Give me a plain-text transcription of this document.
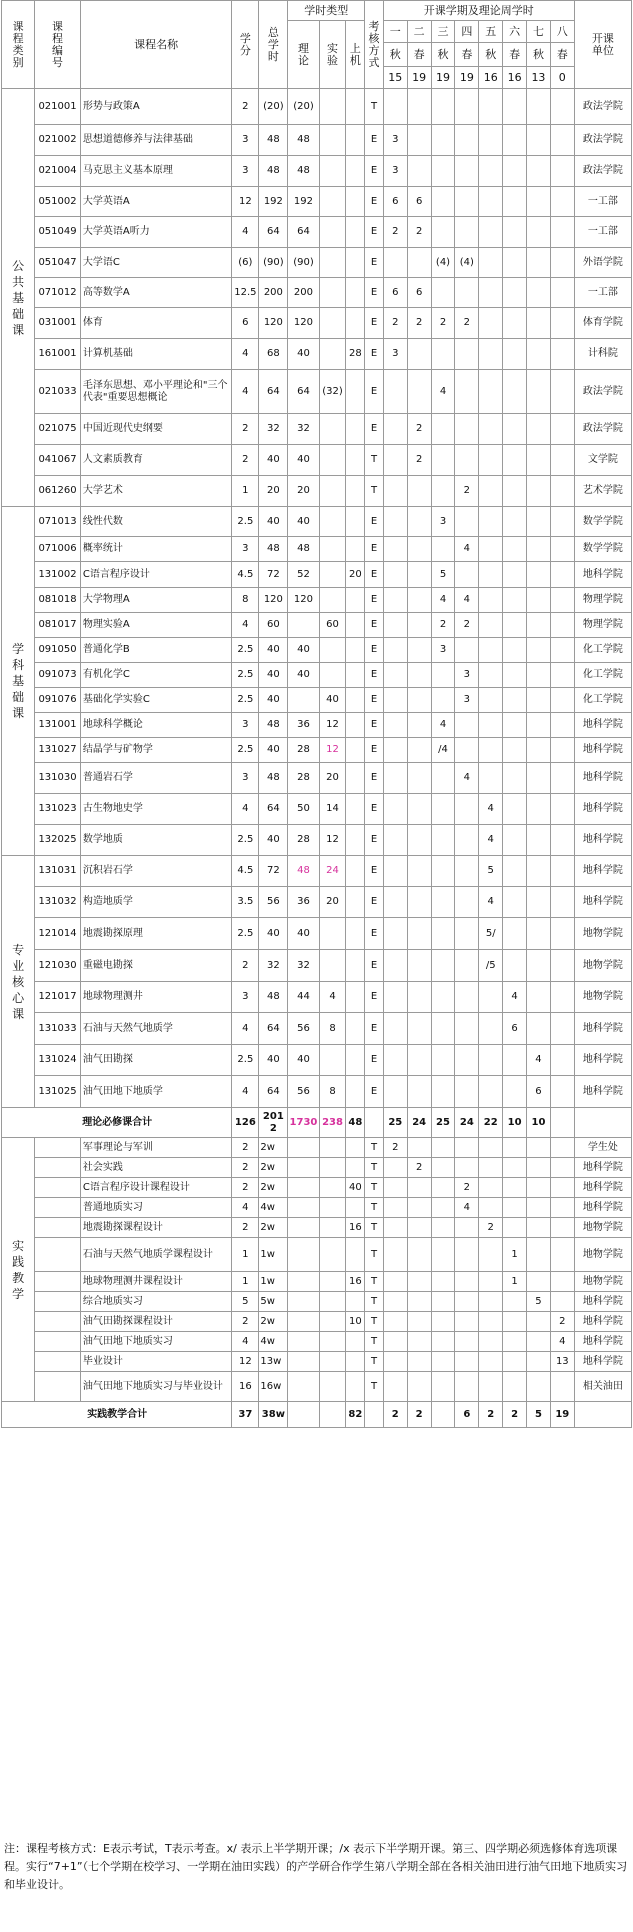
课程类别	课程编号	课程名称	学分	总学时	学时类型			考核方式	开课学期及理论周学时								开课单位
					理论	实验	上机		一	二	三	四	五	六	七	八	
									秋	春	秋	春	秋	春	秋	春	
									15	19	19	19	16	16	13	0	
公共基础课	021001	形势与政策A	2	(20)	(20)			T									政法学院
	021002	思想道德修养与法律基础	3	48	48			E	3								政法学院
	021004	马克思主义基本原理	3	48	48			E	3								政法学院
	051002	大学英语A	12	192	192			E	6	6							一工部
	051049	大学英语A听力	4	64	64			E	2	2							一工部
	051047	大学语C	(6)	(90)	(90)			E			(4)	(4)					外语学院
	071012	高等数学A	12.5	200	200			E	6	6							一工部
	031001	体育	6	120	120			E	2	2	2	2					体育学院
	161001	计算机基础	4	68	40		28	E	3								计科院
	021033	毛泽东思想、邓小平理论和"三个代表"重要思想概论	4	64	64	(32)		E			4						政法学院
	021075	中国近现代史纲要	2	32	32			E		2							政法学院
	041067	人文素质教育	2	40	40			T		2							文学院
	061260	大学艺术	1	20	20			T				2					艺术学院
学科基础课	071013	线性代数	2.5	40	40			E			3						数学学院
	071006	概率统计	3	48	48			E				4					数学学院
	131002	C语言程序设计	4.5	72	52		20	E			5						地科学院
	081018	大学物理A	8	120	120			E			4	4					物理学院
	081017	物理实验A	4	60		60		E			2	2					物理学院
	091050	普通化学B	2.5	40	40			E			3						化工学院
	091073	有机化学C	2.5	40	40			E				3					化工学院
	091076	基础化学实验C	2.5	40		40		E				3					化工学院
	131001	地球科学概论	3	48	36	12		E			4						地科学院
	131027	结晶学与矿物学	2.5	40	28	12		E			/4						地科学院
	131030	普通岩石学	3	48	28	20		E				4					地科学院
	131023	古生物地史学	4	64	50	14		E					4				地科学院
	132025	数学地质	2.5	40	28	12		E					4				地科学院
专业核心课	131031	沉积岩石学	4.5	72	48	24		E					5				地科学院
	131032	构造地质学	3.5	56	36	20		E					4				地科学院
	121014	地震勘探原理	2.5	40	40			E					5/				地物学院
	121030	重磁电勘探	2	32	32			E					/5				地物学院
	121017	地球物理测井	3	48	44	4		E						4			地物学院
	131033	石油与天然气地质学	4	64	56	8		E						6			地科学院
	131024	油气田勘探	2.5	40	40			E							4		地科学院
	131025	油气田地下地质学	4	64	56	8		E							6		地科学院
理论必修课合计			126	2012	1730	238	48		25	24	25	24	22	10	10		
实践教学		军事理论与军训	2	2w				T	2								学生处
		社会实践	2	2w				T		2							地科学院
		C语言程序设计课程设计	2	2w			40	T				2					地科学院
		普通地质实习	4	4w				T				4					地科学院
		地震勘探课程设计	2	2w			16	T					2				地物学院
		石油与天然气地质学课程设计	1	1w				T						1			地物学院
		地球物理测井课程设计	1	1w			16	T						1			地物学院
		综合地质实习	5	5w				T							5		地科学院
		油气田勘探课程设计	2	2w			10	T								2	地科学院
		油气田地下地质实习	4	4w				T								4	地科学院
		毕业设计	12	13w				T								13	地科学院
		油气田地下地质实习与毕业设计	16	16w				T									相关油田
实践教学合计			37	38w			82		2	2		6	2	2	5	19	
注：课程考核方式：E表示考试，T表示考查。x/ 表示上半学期开课；/x 表示下半学期开课。第三、四学期必须选修体育选项课程。实行“7+1”（七个学期在校学习、一学期在油田实践）的产学研合作学生第八学期全部在各相关油田进行油气田地下地质实习和毕业设计。
